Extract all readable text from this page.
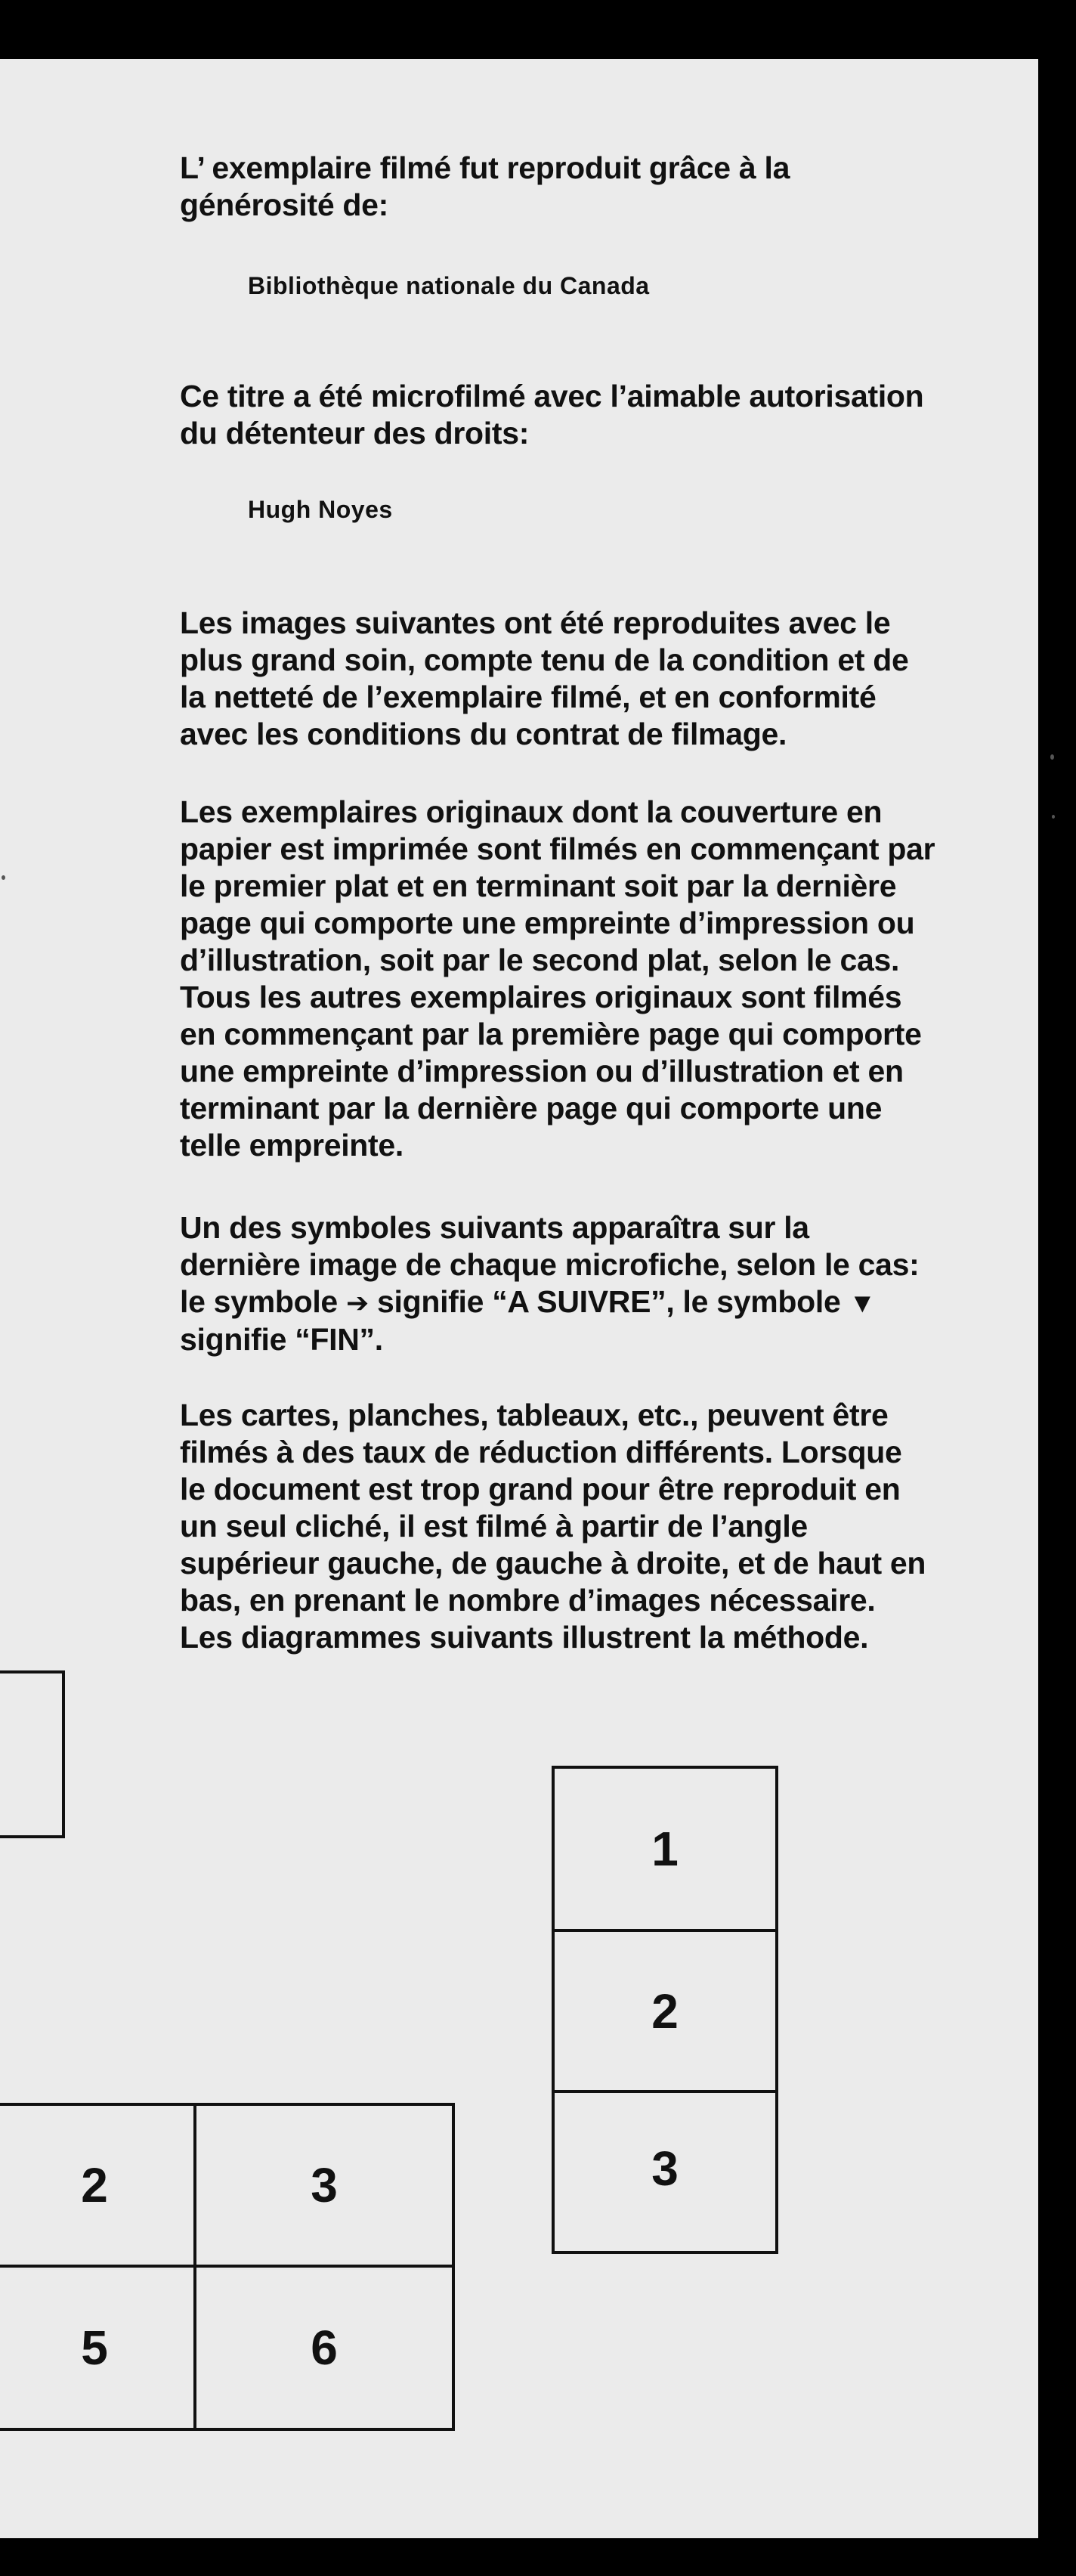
L’ exemplaire filmé fut reproduit grâce à la générosité de:

Bibliothèque nationale du Canada

Ce titre a été microfilmé avec l’aimable autorisation du détenteur des droits:

Hugh Noyes

Les images suivantes ont été reproduites avec le plus grand soin, compte tenu de la condition et de la netteté de l’exemplaire filmé, et en conformité avec les conditions du contrat de filmage.

Les exemplaires originaux dont la couverture en papier est imprimée sont filmés en commençant par le premier plat et en terminant soit par la dernière page qui comporte une empreinte d’impression ou d’illustration, soit par le second plat, selon le cas. Tous les autres exemplaires originaux sont filmés en commençant par la première page qui comporte une empreinte d’impression ou d’illustration et en terminant par la dernière page qui comporte une telle empreinte.

Un des symboles suivants apparaîtra sur la dernière image de chaque microfiche, selon le cas: le symbole ➔ signifie “A SUIVRE”, le symbole ▼ signifie “FIN”.

Les cartes, planches, tableaux, etc., peuvent être filmés à des taux de réduction différents. Lorsque le document est trop grand pour être reproduit en un seul cliché, il est filmé à partir de l’angle supérieur gauche, de gauche à droite, et de haut en bas, en prenant le nombre d’images nécessaire. Les diagrammes suivants illustrent la méthode.

1
2
3
2	3
5	6
